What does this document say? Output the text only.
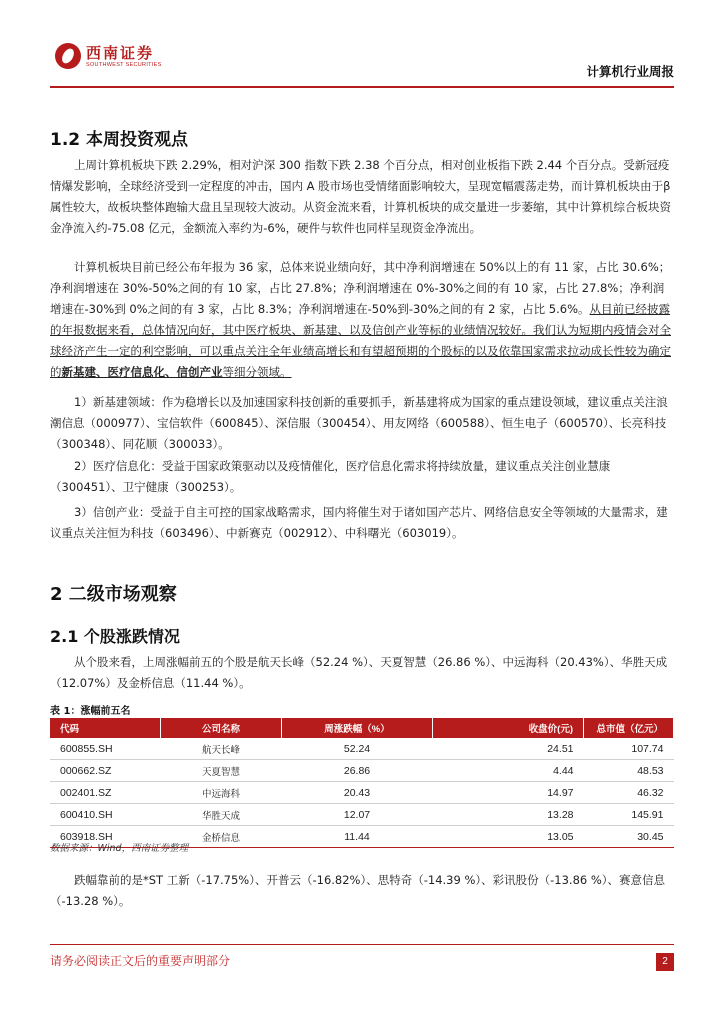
西南证券
SOUTHWEST SECURITIES	计算机行业周报
1.2 本周投资观点

上周计算机板块下跌 2.29%，相对沪深 300 指数下跌 2.38 个百分点，相对创业板指下跌 2.44 个百分点。受新冠疫情爆发影响，全球经济受到一定程度的冲击，国内 A 股市场也受情绪面影响较大，呈现宽幅震荡走势，而计算机板块由于β属性较大，故板块整体跑输大盘且呈现较大波动。从资金流来看，计算机板块的成交量进一步萎缩，其中计算机综合板块资金净流入约-75.08 亿元，金额流入率约为-6%，硬件与软件也同样呈现资金净流出。

计算机板块目前已经公布年报为 36 家，总体来说业绩向好，其中净利润增速在 50%以上的有 11 家，占比 30.6%；净利润增速在 30%-50%之间的有 10 家，占比 27.8%；净利润增速在 0%-30%之间的有 10 家，占比 27.8%；净利润增速在-30%到 0%之间的有 3 家，占比 8.3%；净利润增速在-50%到-30%之间的有 2 家，占比 5.6%。从目前已经披露的年报数据来看，总体情况向好，其中医疗板块、新基建、以及信创产业等标的业绩情况较好。我们认为短期内疫情会对全球经济产生一定的利空影响，可以重点关注全年业绩高增长和有望超预期的个股标的以及依靠国家需求拉动成长性较为确定的新基建、医疗信息化、信创产业等细分领域。

1）新基建领域：作为稳增长以及加速国家科技创新的重要抓手，新基建将成为国家的重点建设领域，建议重点关注浪潮信息（000977）、宝信软件（600845）、深信服（300454）、用友网络（600588）、恒生电子（600570）、长亮科技（300348）、同花顺（300033）。

2）医疗信息化：受益于国家政策驱动以及疫情催化，医疗信息化需求将持续放量，建议重点关注创业慧康（300451）、卫宁健康（300253）。

3）信创产业：受益于自主可控的国家战略需求，国内将催生对于诸如国产芯片、网络信息安全等领域的大量需求，建议重点关注恒为科技（603496）、中新赛克（002912）、中科曙光（603019）。

2 二级市场观察
2.1 个股涨跌情况

从个股来看，上周涨幅前五的个股是航天长峰（52.24 %）、天夏智慧（26.86 %）、中远海科（20.43%）、华胜天成（12.07%）及金桥信息（11.44 %）。

表 1：涨幅前五名
代码	公司名称	周涨跌幅（%）	收盘价(元)	总市值（亿元）
600855.SH	航天长峰	52.24	24.51	107.74
000662.SZ	天夏智慧	26.86	4.44	48.53
002401.SZ	中远海科	20.43	14.97	46.32
600410.SH	华胜天成	12.07	13.28	145.91
603918.SH	金桥信息	11.44	13.05	30.45
数据来源：Wind，西南证券整理

跌幅靠前的是*ST 工新（-17.75%）、开普云（-16.82%）、思特奇（-14.39 %）、彩讯股份（-13.86 %）、赛意信息（-13.28 %）。

请务必阅读正文后的重要声明部分	2
